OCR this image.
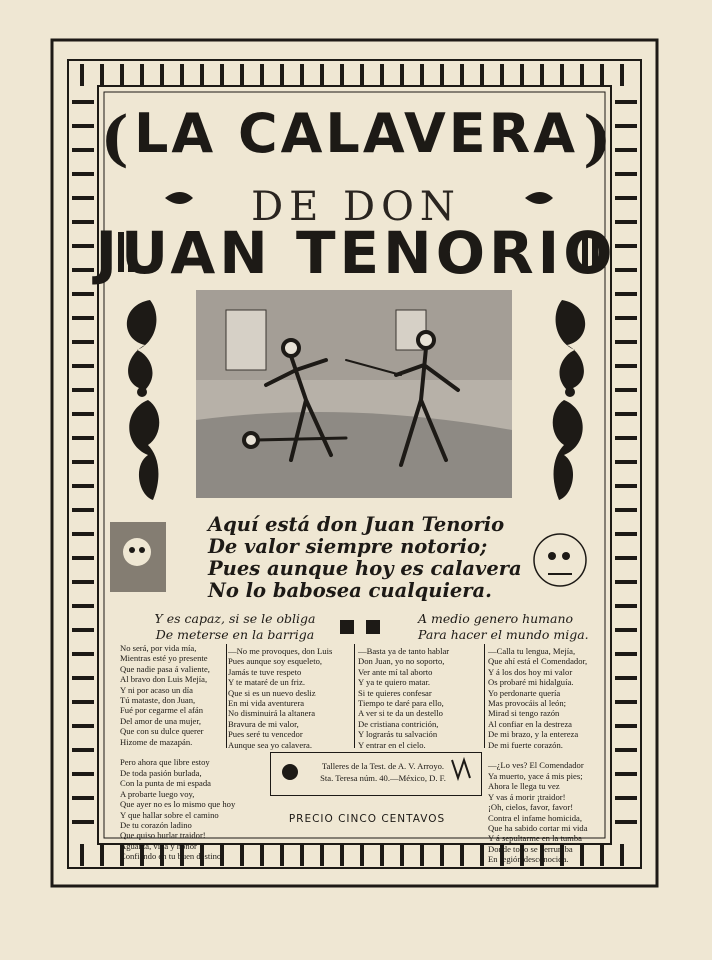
( LA CALAVERA )
DE DON
JUAN TENORIO
Aquí está don Juan Tenorio
De valor siempre notorio;
Pues aunque hoy es calavera
No lo babosea cualquiera.
Y es capaz, si se le obliga
De meterse en la barriga
A medio genero humano
Para hacer el mundo miga.
No será, por vida mía,
Mientras esté yo presente
Que nadie pasa á valiente,
Al bravo don Luis Mejía,
Y ni por acaso un día
Tú mataste, don Juan,
Fué por cegarme el afán
Del amor de una mujer,
Que con su dulce querer
Hizome de mazapán.

Pero ahora que libre estoy
De toda pasión burlada,
Con la punta de mi espada
A probarte luego voy,
Que ayer no es lo mismo que hoy
Y que hallar sobre el camino
De tu corazón ladino
Que quiso burlar traidor!
Aguanta, vida y honor
Confiando en tu buen destino.
—No me provoques, don Luis
Pues aunque soy esqueleto,
Jamás te tuve respeto
Y te mataré de un friz.
Que si es un nuevo desliz
En mi vida aventurera
No disminuirá la altanera
Bravura de mi valor,
Pues seré tu vencedor
Aunque sea yo calavera.
—Basta ya de tanto hablar
Don Juan, yo no soporto,
Ver ante mí tal aborto
Y ya te quiero matar.
Si te quieres confesar
Tiempo te daré para ello,
A ver si te da un destello
De cristiana contrición,
Y lograrás tu salvación
Y entrar en el cielo.
—Calla tu lengua, Mejía,
Que ahí está el Comendador,
Y á los dos hoy mi valor
Os probaré mi hidalguía.
Yo perdonarte quería
Mas provocáis al león;
Mirad si tengo razón
Al confiar en la destreza
De mi brazo, y la entereza
De mi fuerte corazón.

—¿Lo ves? El Comendador
Ya muerto, yace á mis pies;
Ahora le llega tu vez
Y vas á morir ¡traidor!
¡Oh, cielos, favor, favor!
Contra el infame homicida,
Que ha sabido cortar mi vida
Y á sepultarme en la tumba
Donde todo se derrumba
En región desconocida.
Talleres de la Test. de A. V. Arroyo.
Sta. Teresa núm. 40.—México, D. F.
PRECIO CINCO CENTAVOS
